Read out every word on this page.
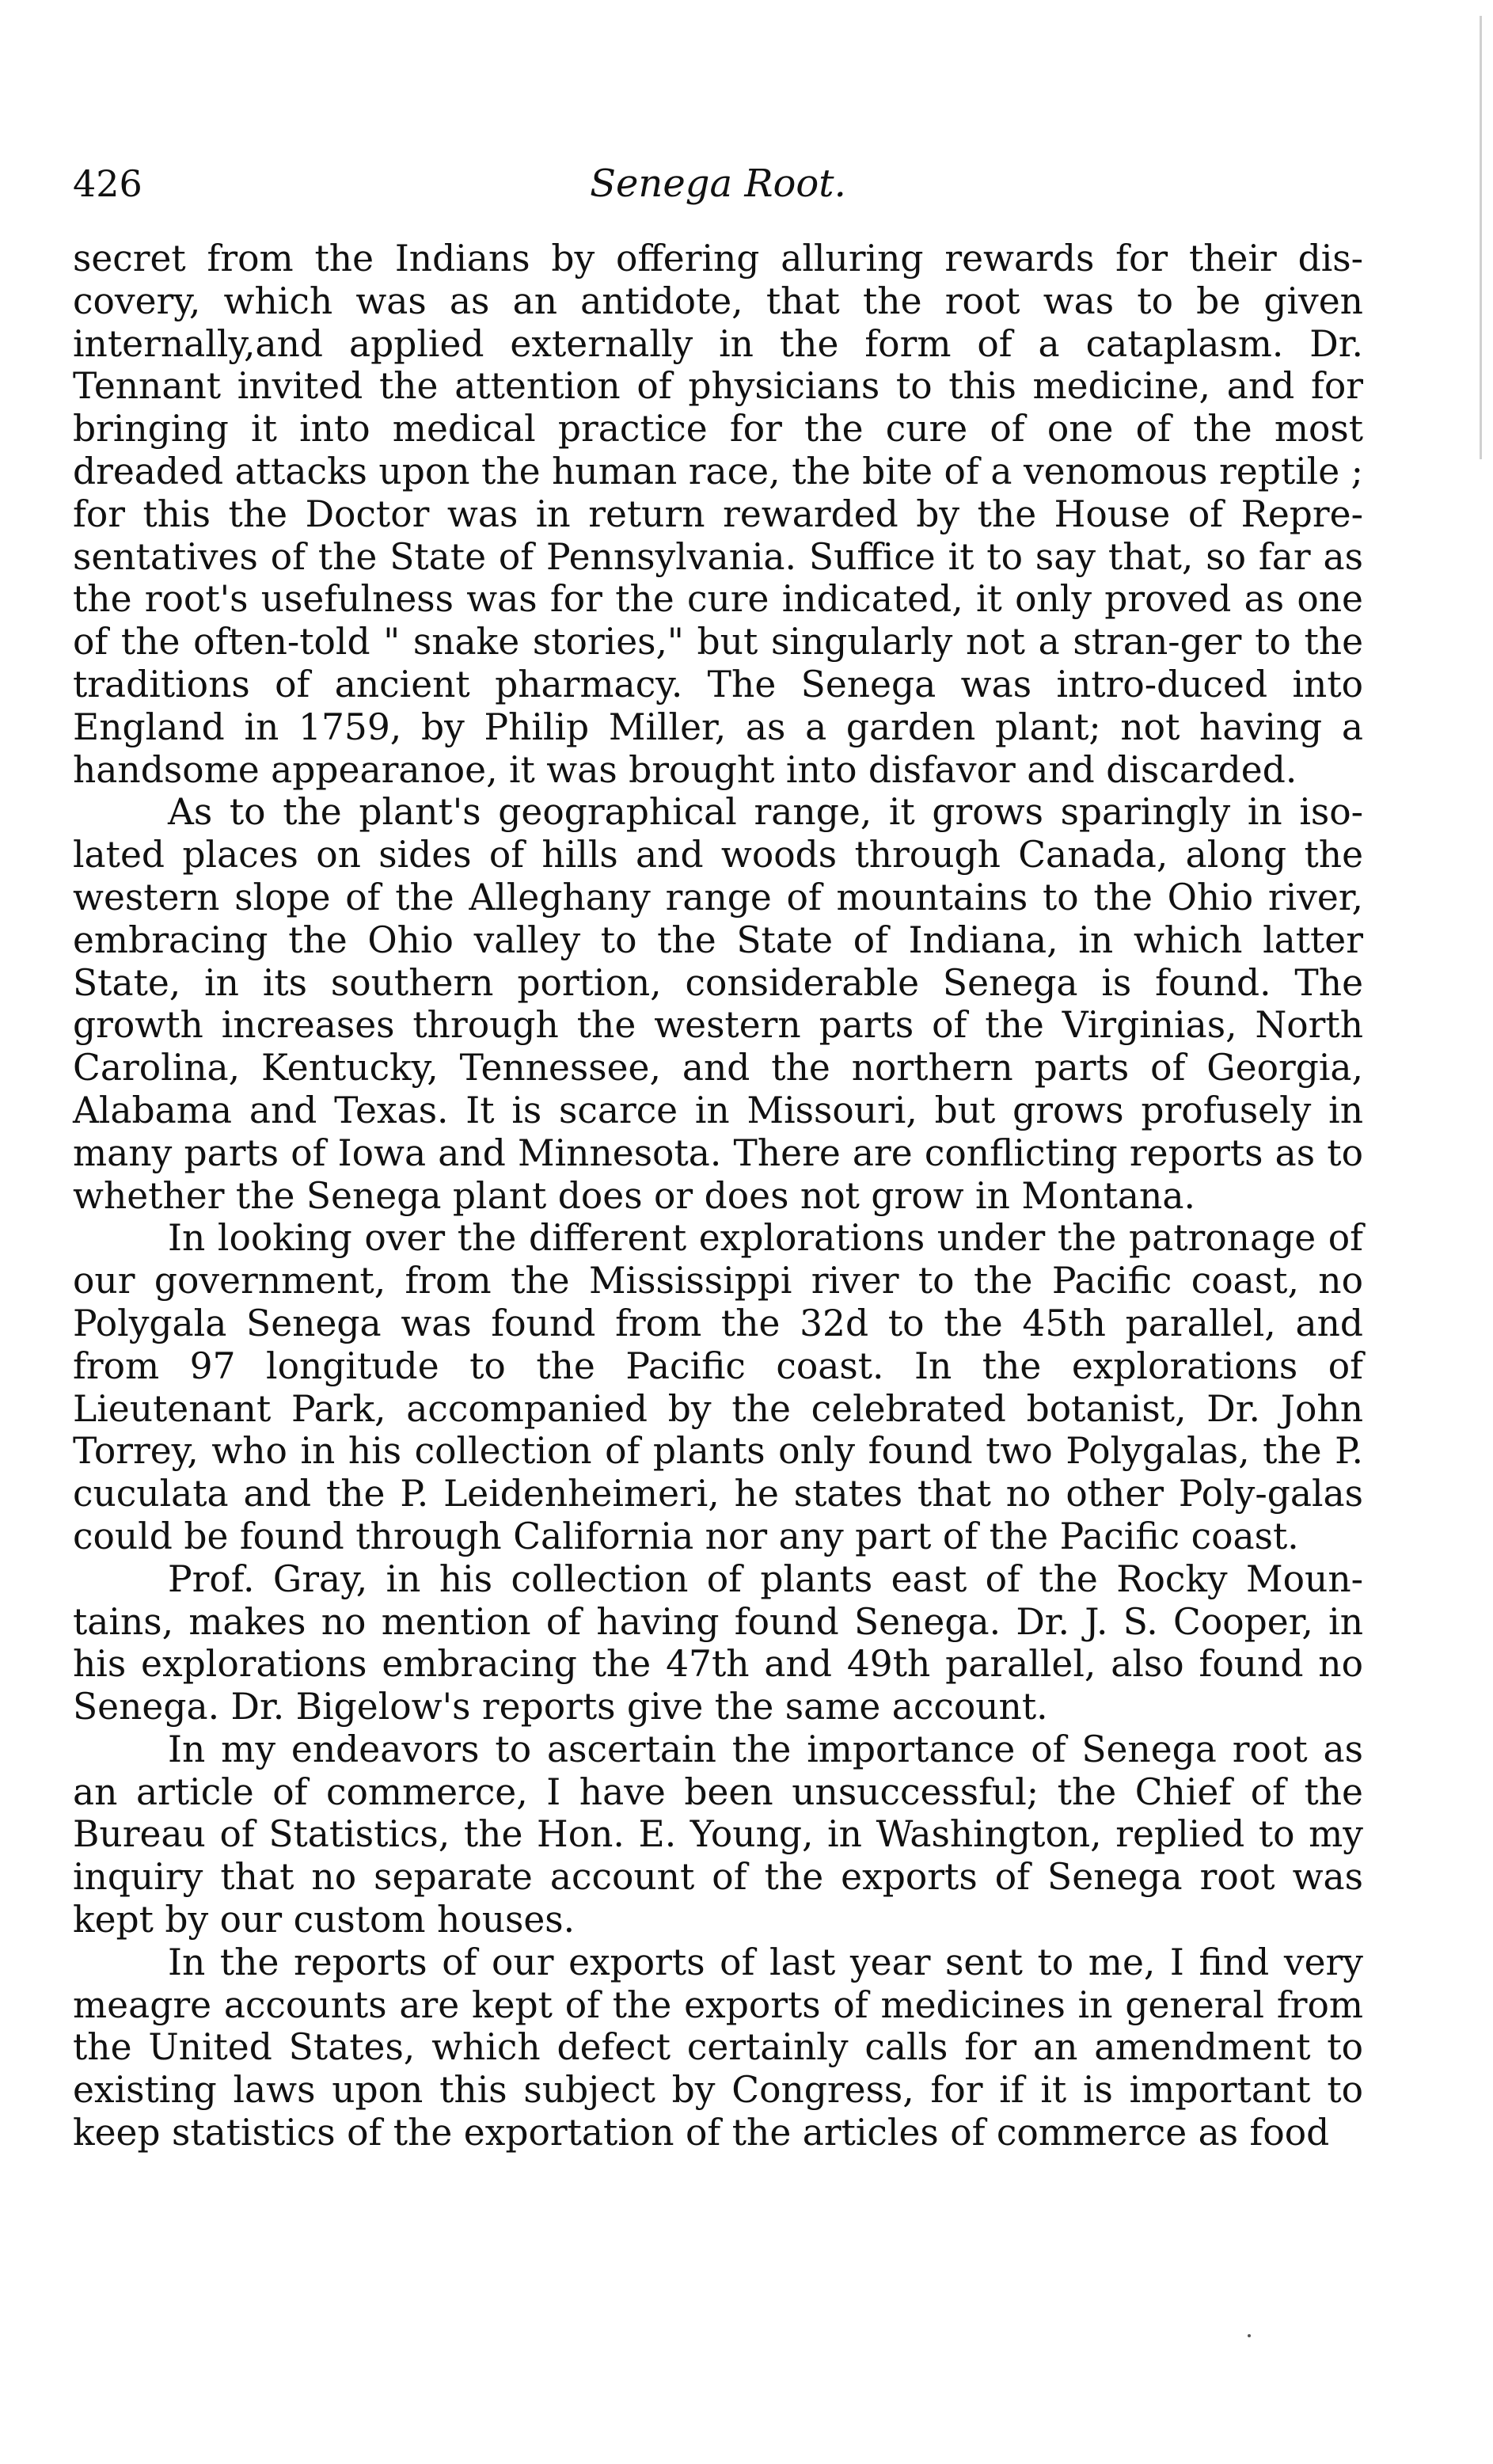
426	Senega Root.

secret from the Indians by offering alluring rewards for their dis-covery, which was as an antidote, that the root was to be given internally,and applied externally in the form of a cataplasm. Dr. Tennant invited the attention of physicians to this medicine, and for bringing it into medical practice for the cure of one of the most dreaded attacks upon the human race, the bite of a venomous reptile ; for this the Doctor was in return rewarded by the House of Repre-sentatives of the State of Pennsylvania. Suffice it to say that, so far as the root's usefulness was for the cure indicated, it only proved as one of the often-told " snake stories," but singularly not a stran-ger to the traditions of ancient pharmacy. The Senega was intro-duced into England in 1759, by Philip Miller, as a garden plant; not having a handsome appearanoe, it was brought into disfavor and discarded.

As to the plant's geographical range, it grows sparingly in iso-lated places on sides of hills and woods through Canada, along the western slope of the Alleghany range of mountains to the Ohio river, embracing the Ohio valley to the State of Indiana, in which latter State, in its southern portion, considerable Senega is found. The growth increases through the western parts of the Virginias, North Carolina, Kentucky, Tennessee, and the northern parts of Georgia, Alabama and Texas. It is scarce in Missouri, but grows profusely in many parts of Iowa and Minnesota. There are conflicting reports as to whether the Senega plant does or does not grow in Montana.

In looking over the different explorations under the patronage of our government, from the Mississippi river to the Pacific coast, no Polygala Senega was found from the 32d to the 45th parallel, and from 97 longitude to the Pacific coast. In the explorations of Lieutenant Park, accompanied by the celebrated botanist, Dr. John Torrey, who in his collection of plants only found two Polygalas, the P. cuculata and the P. Leidenheimeri, he states that no other Poly-galas could be found through California nor any part of the Pacific coast.

Prof. Gray, in his collection of plants east of the Rocky Moun-tains, makes no mention of having found Senega. Dr. J. S. Cooper, in his explorations embracing the 47th and 49th parallel, also found no Senega. Dr. Bigelow's reports give the same account.

In my endeavors to ascertain the importance of Senega root as an article of commerce, I have been unsuccessful; the Chief of the Bureau of Statistics, the Hon. E. Young, in Washington, replied to my inquiry that no separate account of the exports of Senega root was kept by our custom houses.

In the reports of our exports of last year sent to me, I find very meagre accounts are kept of the exports of medicines in general from the United States, which defect certainly calls for an amendment to existing laws upon this subject by Congress, for if it is important to keep statistics of the exportation of the articles of commerce as food
